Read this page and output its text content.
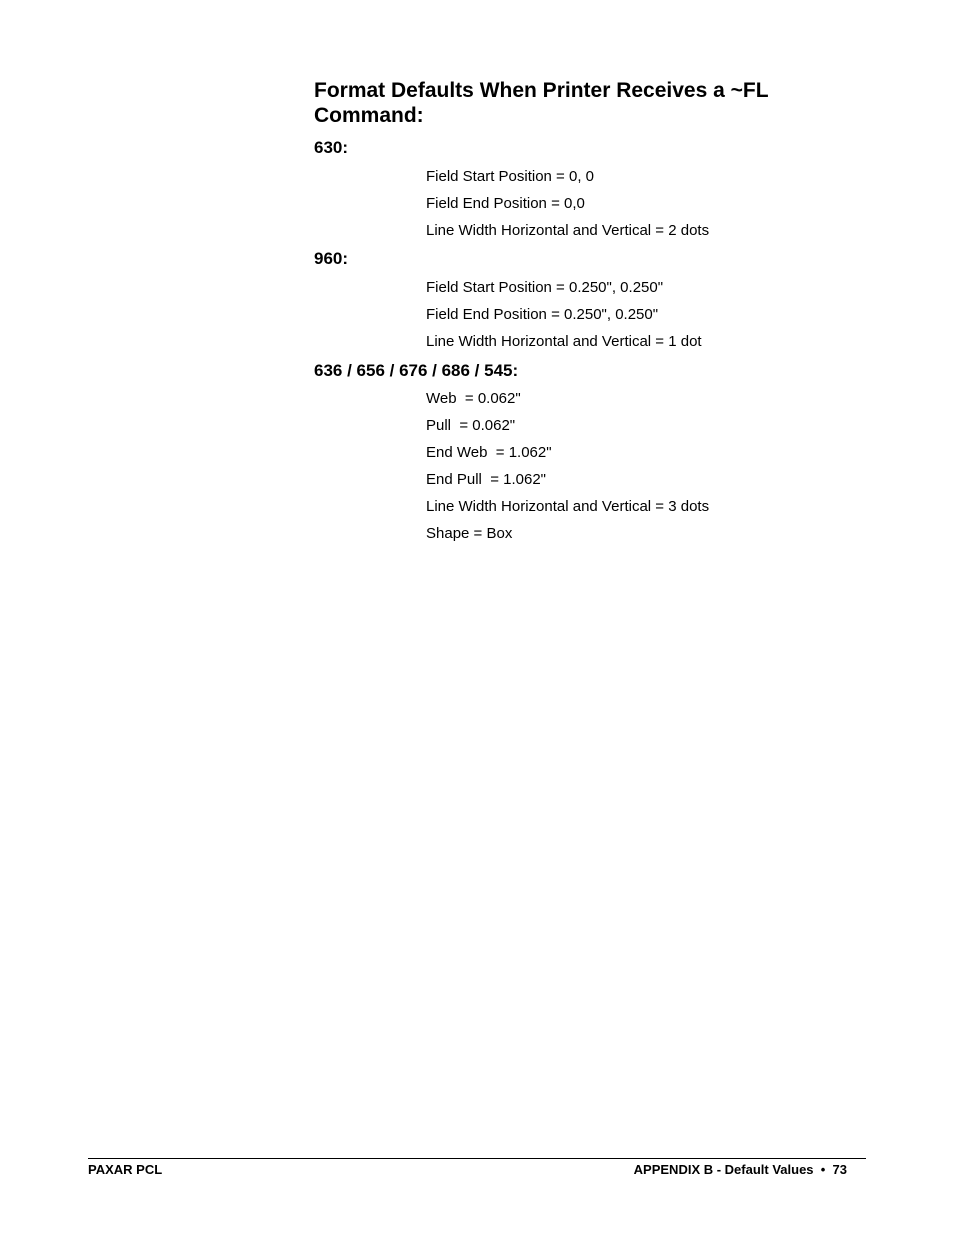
Format Defaults When Printer Receives a ~FL Command:
630:
Field Start Position = 0, 0
Field End Position = 0,0
Line Width Horizontal and Vertical = 2 dots
960:
Field Start Position = 0.250", 0.250"
Field End Position = 0.250", 0.250"
Line Width Horizontal and Vertical = 1 dot
636 / 656 / 676 / 686 / 545:
Web  = 0.062"
Pull  = 0.062"
End Web  = 1.062"
End Pull  = 1.062"
Line Width Horizontal and Vertical = 3 dots
Shape = Box
PAXAR PCL	APPENDIX B - Default Values  •  73
